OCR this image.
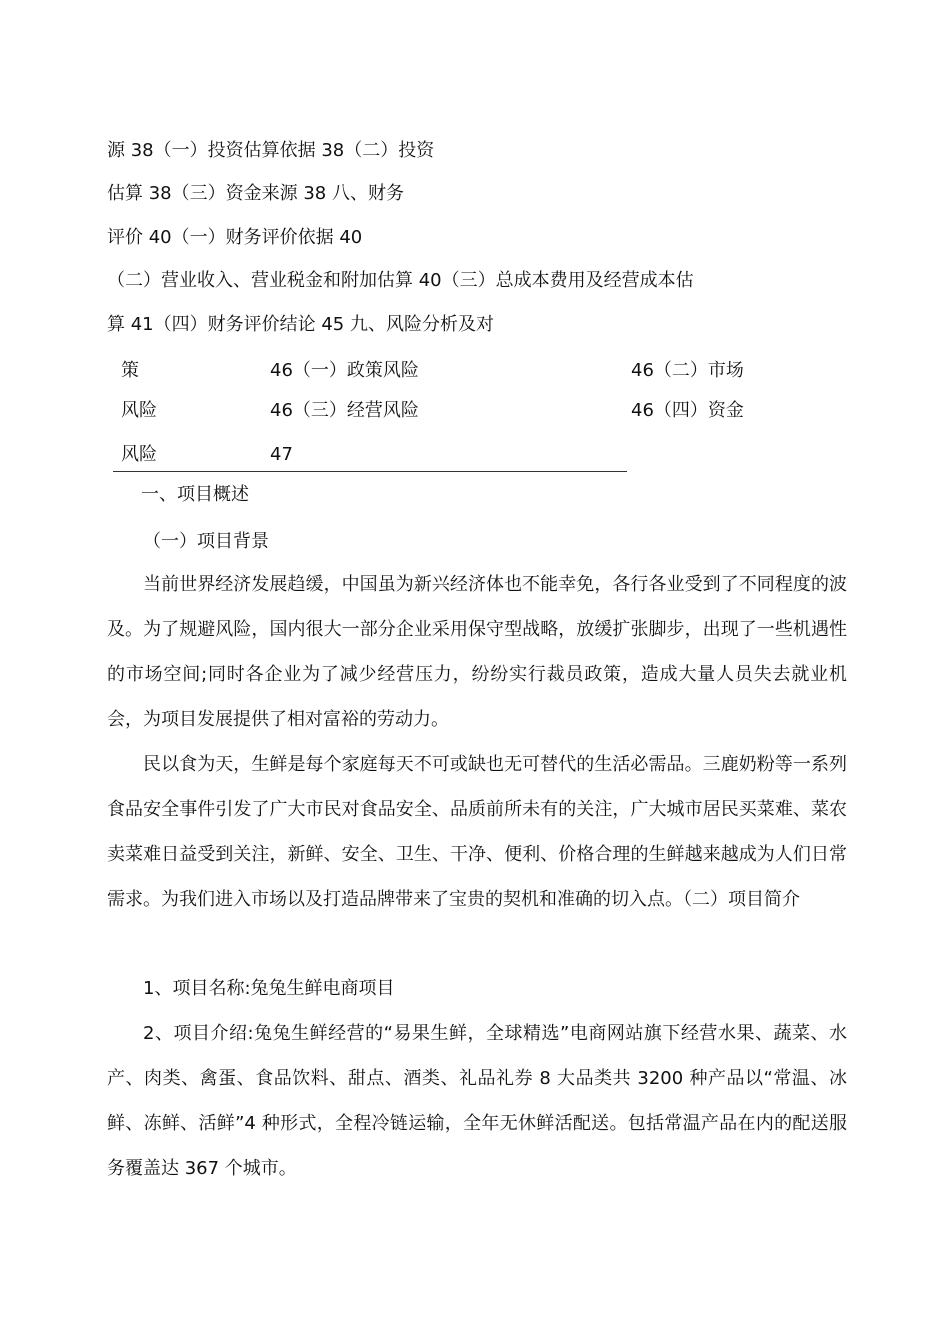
源 38（一）投资估算依据 38（二）投资
估算 38（三）资金来源 38 八、财务
评价 40（一）财务评价依据 40
（二）营业收入、营业税金和附加估算 40（三）总成本费用及经营成本估
算 41（四）财务评价结论 45 九、风险分析及对
策	46（一）政策风险	46（二）市场
风险	46（三）经营风险	46（四）资金
风险	47
一、项目概述
（一）项目背景
当前世界经济发展趋缓，中国虽为新兴经济体也不能幸免，各行各业受到了不同程度的波及。为了规避风险，国内很大一部分企业采用保守型战略，放缓扩张脚步，出现了一些机遇性的市场空间;同时各企业为了减少经营压力，纷纷实行裁员政策，造成大量人员失去就业机会，为项目发展提供了相对富裕的劳动力。
民以食为天，生鲜是每个家庭每天不可或缺也无可替代的生活必需品。三鹿奶粉等一系列食品安全事件引发了广大市民对食品安全、品质前所未有的关注，广大城市居民买菜难、菜农卖菜难日益受到关注，新鲜、安全、卫生、干净、便利、价格合理的生鲜越来越成为人们日常需求。为我们进入市场以及打造品牌带来了宝贵的契机和准确的切入点。（二）项目简介
1、项目名称:兔兔生鲜电商项目
2、项目介绍:兔兔生鲜经营的“易果生鲜，全球精选”电商网站旗下经营水果、蔬菜、水产、肉类、禽蛋、食品饮料、甜点、酒类、礼品礼券 8 大品类共 3200 种产品以“常温、冰鲜、冻鲜、活鲜”4 种形式，全程冷链运输，全年无休鲜活配送。包括常温产品在内的配送服务覆盖达 367 个城市。
